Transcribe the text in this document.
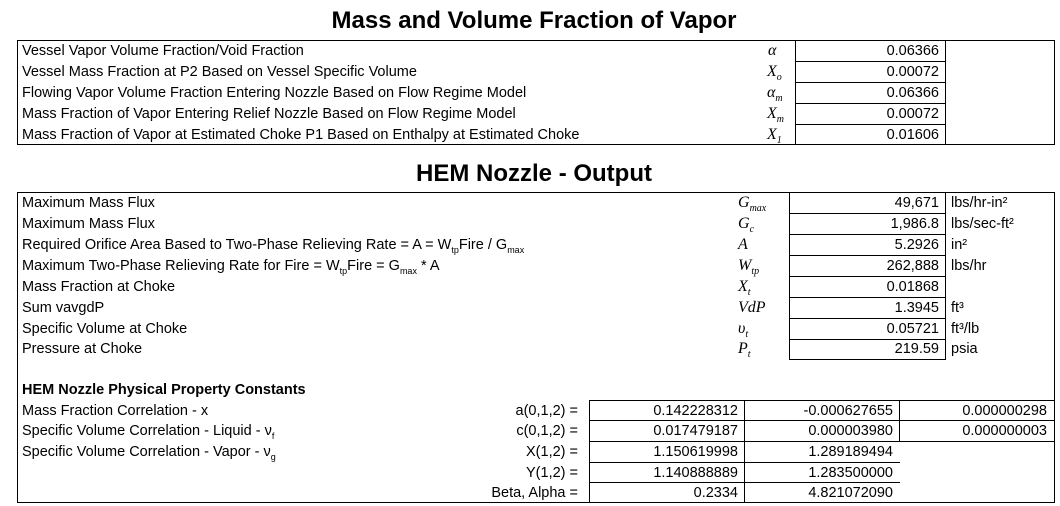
Mass and Volume Fraction of Vapor
Vessel Vapor Volume Fraction/Void Fraction	α	0.06366
Vessel Mass Fraction at P2 Based on Vessel Specific Volume	$X_o$	0.00072
Flowing Vapor Volume Fraction Entering Nozzle Based on Flow Regime Model	$\alpha_m$	0.06366
Mass Fraction of Vapor Entering Relief Nozzle Based on Flow Regime Model	$X_m$	0.00072
Mass Fraction of Vapor at Estimated Choke P1 Based on Enthalpy at Estimated Choke	$X_1$	0.01606
HEM Nozzle - Output
Maximum Mass Flux	$G_{max}$	49,671 lbs/hr-in²
Maximum Mass Flux	$G_c$	1,986.8 lbs/sec-ft²
Required Orifice Area Based to Two-Phase Relieving Rate = $A = W_{tp}Fire / G_{max}$	A	5.2926 in²
Maximum Two-Phase Relieving Rate for Fire = $W_{tp}Fire = G_{max} * A$	$W_{tp}$	262,888 lbs/hr
Mass Fraction at Choke	$X_t$	0.01868
Sum vavgdP	VdP	1.3945 ft³
Specific Volume at Choke	$\upsilon_t$	0.05721 ft³/lb
Pressure at Choke	$P_t$	219.59 psia
HEM Nozzle Physical Property Constants
Mass Fraction Correlation - x	a(0,1,2) =	0.142228312	-0.000627655	0.000000298
Specific Volume Correlation - Liquid - $\nu_f$	c(0,1,2) =	0.017479187	0.000003980	0.000000003
Specific Volume Correlation - Vapor - $\nu_g$	X(1,2) =	1.150619998	1.289189494
Y(1,2) =	1.140888889	1.283500000
Beta, Alpha =	0.2334	4.821072090
